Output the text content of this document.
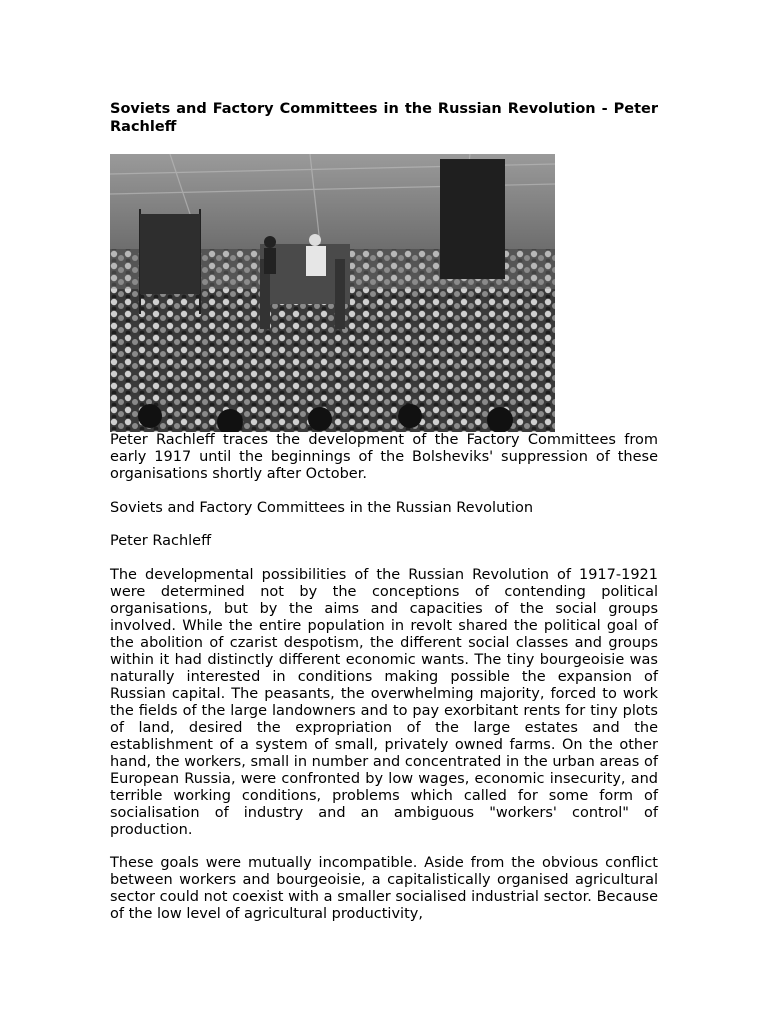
Soviets and Factory Committees in the Russian Revolution - Peter Rachleff

Peter Rachleff traces the development of the Factory Committees from early 1917 until the beginnings of the Bolsheviks' suppression of these organisations shortly after October.

Soviets and Factory Committees in the Russian Revolution

Peter Rachleff

The developmental possibilities of the Russian Revolution of 1917-1921 were determined not by the conceptions of contending political organisations, but by the aims and capacities of the social groups involved. While the entire population in revolt shared the political goal of the abolition of czarist despotism, the different social classes and groups within it had distinctly different economic wants. The tiny bourgeoisie was naturally interested in conditions making possible the expansion of Russian capital. The peasants, the overwhelming majority, forced to work the fields of the large landowners and to pay exorbitant rents for tiny plots of land, desired the expropriation of the large estates and the establishment of a system of small, privately owned farms. On the other hand, the workers, small in number and concentrated in the urban areas of European Russia, were confronted by low wages, economic insecurity, and terrible working conditions, problems which called for some form of socialisation of industry and an ambiguous "workers' control" of production.

These goals were mutually incompatible. Aside from the obvious conflict between workers and bourgeoisie, a capitalistically organised agricultural sector could not coexist with a smaller socialised industrial sector. Because of the low level of agricultural productivity,
